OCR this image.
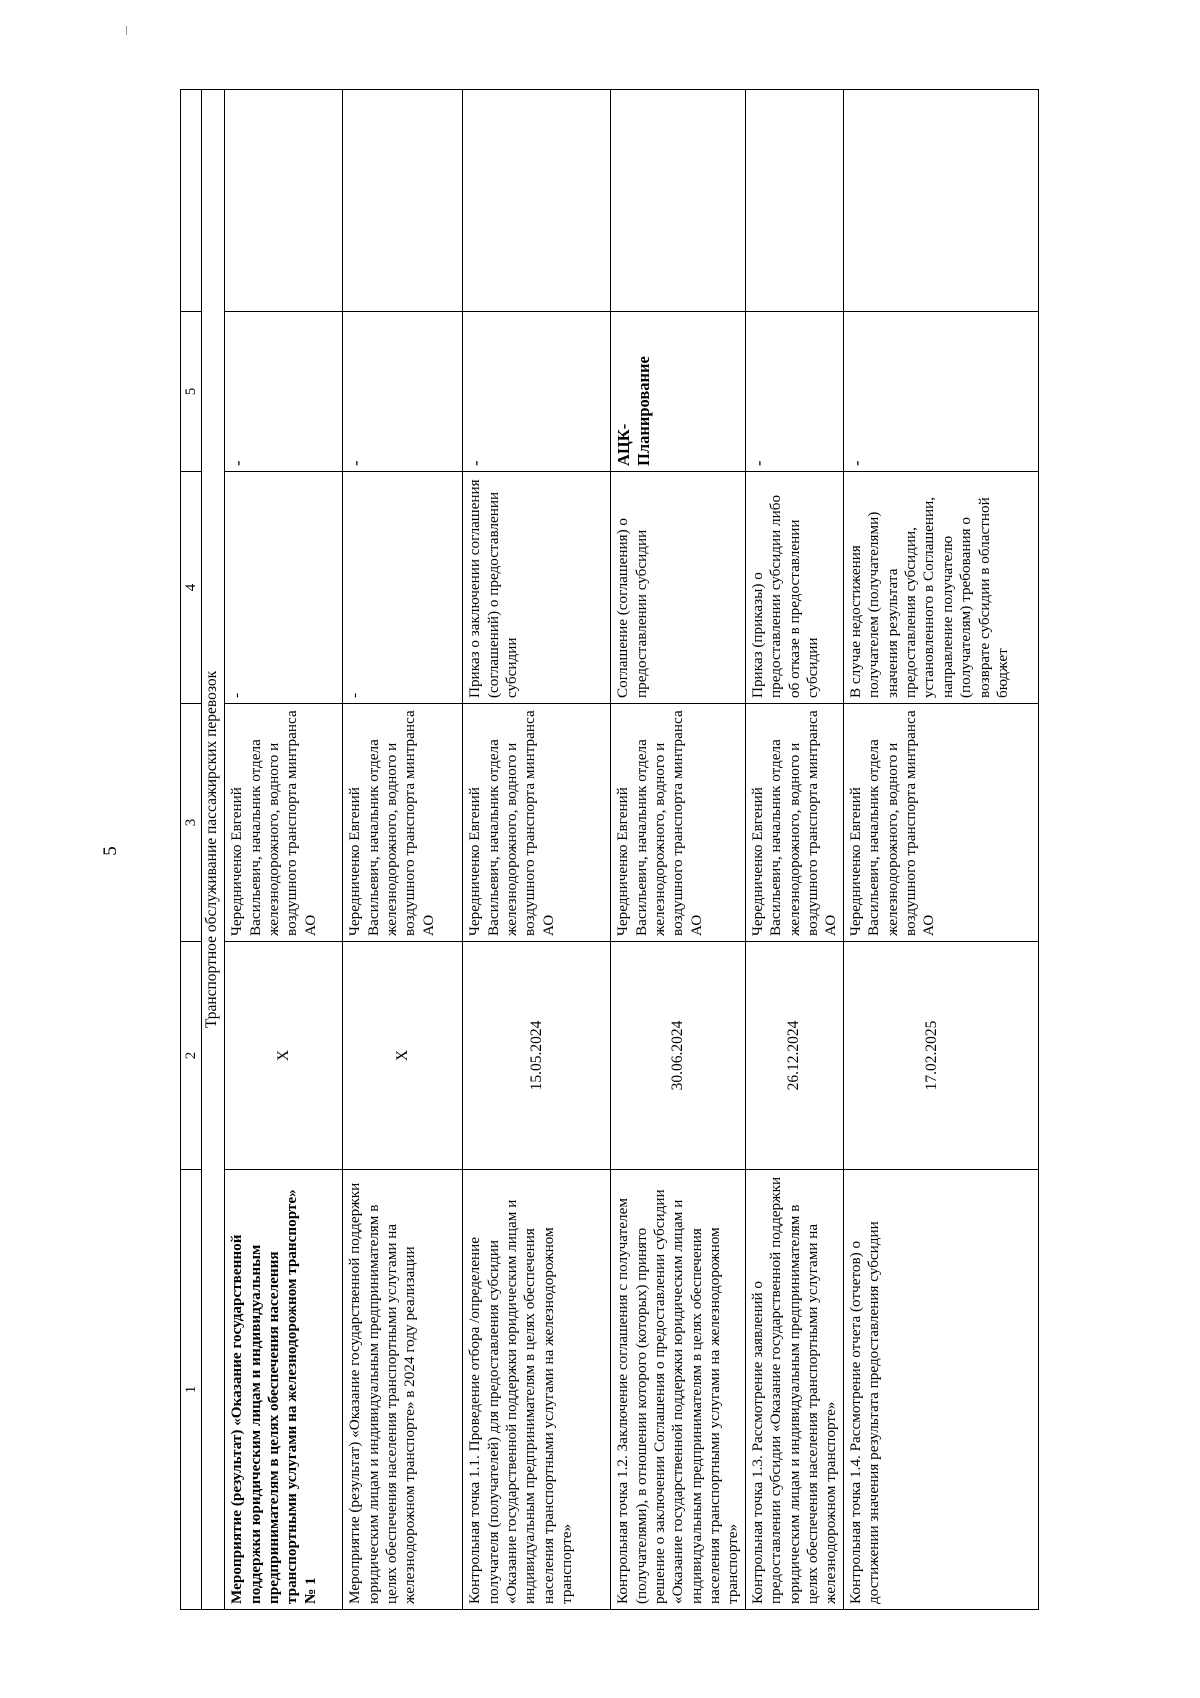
5
1	2	3	4	5	
Транспортное обслуживание пассажирских перевозок					
Мероприятие (результат) «Оказание государственной поддержки юридическим лицам и индивидуальным предпринимателям в целях обеспечения населения транспортными услугами на железнодорожном транспорте» № 1	Х	Чередниченко Евгений Васильевич, начальник отдела железнодорожного, водного и воздушного транспорта минтранса АО	-	-	
Мероприятие (результат) «Оказание государственной поддержки юридическим лицам и индивидуальным предпринимателям в целях обеспечения населения транспортными услугами на железнодорожном транспорте» в 2024 году реализации	Х	Чередниченко Евгений Васильевич, начальник отдела железнодорожного, водного и воздушного транспорта минтранса АО	-	-	
Контрольная точка 1.1. Проведение отбора /определение получателя (получателей) для предоставления субсидии «Оказание государственной поддержки юридическим лицам и индивидуальным предпринимателям в целях обеспечения населения транспортными услугами на железнодорожном транспорте»	15.05.2024	Чередниченко Евгений Васильевич, начальник отдела железнодорожного, водного и воздушного транспорта минтранса АО	Приказ о заключении соглашения (соглашений) о предоставлении субсидии	-	
Контрольная точка 1.2. Заключение соглашения с получателем (получателями), в отношении которого (которых) принято решение о заключении Соглашения о предоставлении субсидии «Оказание государственной поддержки юридическим лицам и индивидуальным предпринимателям в целях обеспечения населения транспортными услугами на железнодорожном транспорте»	30.06.2024	Чередниченко Евгений Васильевич, начальник отдела железнодорожного, водного и воздушного транспорта минтранса АО	Соглашение (соглашения) о предоставлении субсидии	АЦК-Планирование	
Контрольная точка 1.3. Рассмотрение заявлений о предоставлении субсидии «Оказание государственной поддержки юридическим лицам и индивидуальным предпринимателям в целях обеспечения населения транспортными услугами на железнодорожном транспорте»	26.12.2024	Чередниченко Евгений Васильевич, начальник отдела железнодорожного, водного и воздушного транспорта минтранса АО	Приказ (приказы) о предоставлении субсидии либо об отказе в предоставлении субсидии	-	
Контрольная точка 1.4. Рассмотрение отчета (отчетов) о достижении значения результата предоставления субсидии	17.02.2025	Чередниченко Евгений Васильевич, начальник отдела железнодорожного, водного и воздушного транспорта минтранса АО	В случае недостижения получателем (получателями) значения результата предоставления субсидии, установленного в Соглашении, направление получателю (получателям) требования о возврате субсидии в областной бюджет	-	
